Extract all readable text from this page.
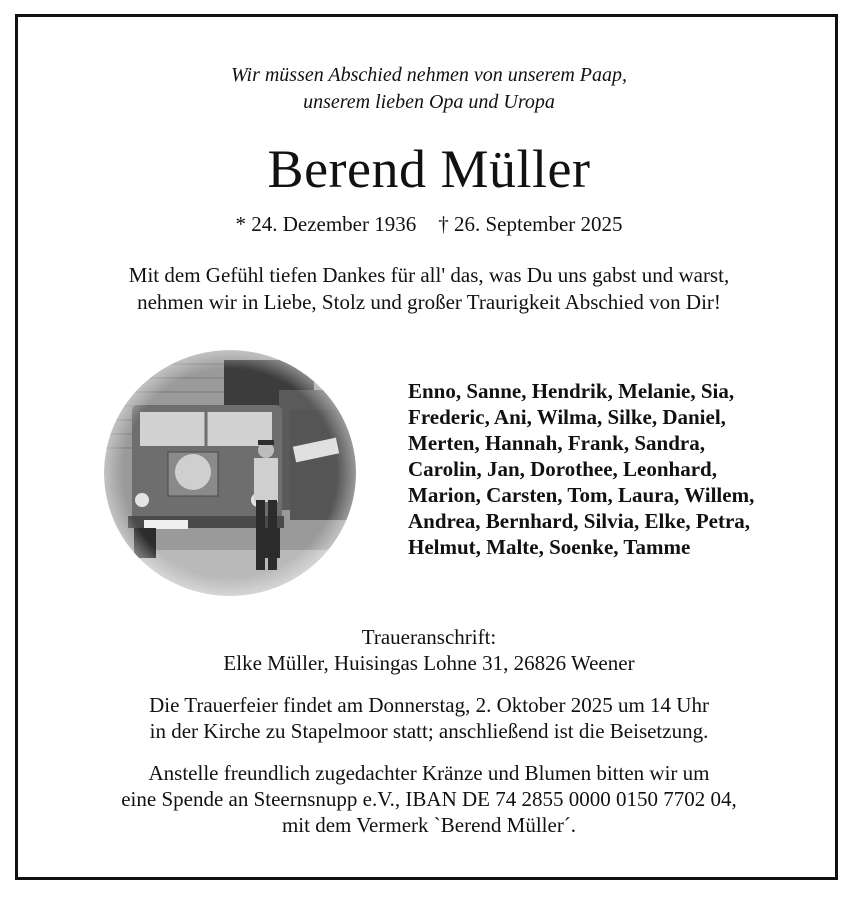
Wir müssen Abschied nehmen von unserem Paap,
unserem lieben Opa und Uropa
Berend Müller
* 24. Dezember 1936 † 26. September 2025
Mit dem Gefühl tiefen Dankes für all' das, was Du uns gabst und warst,
nehmen wir in Liebe, Stolz und großer Traurigkeit Abschied von Dir!
Enno, Sanne, Hendrik, Melanie, Sia,
Frederic, Ani, Wilma, Silke, Daniel,
Merten, Hannah, Frank, Sandra,
Carolin, Jan, Dorothee, Leonhard,
Marion, Carsten, Tom, Laura, Willem,
Andrea, Bernhard, Silvia, Elke, Petra,
Helmut, Malte, Soenke, Tamme
Traueranschrift:
Elke Müller, Huisingas Lohne 31, 26826 Weener
Die Trauerfeier findet am Donnerstag, 2. Oktober 2025 um 14 Uhr
in der Kirche zu Stapelmoor statt; anschließend ist die Beisetzung.
Anstelle freundlich zugedachter Kränze und Blumen bitten wir um
eine Spende an Steernsnupp e.V., IBAN DE 74 2855 0000 0150 7702 04,
mit dem Vermerk `Berend Müller´.
